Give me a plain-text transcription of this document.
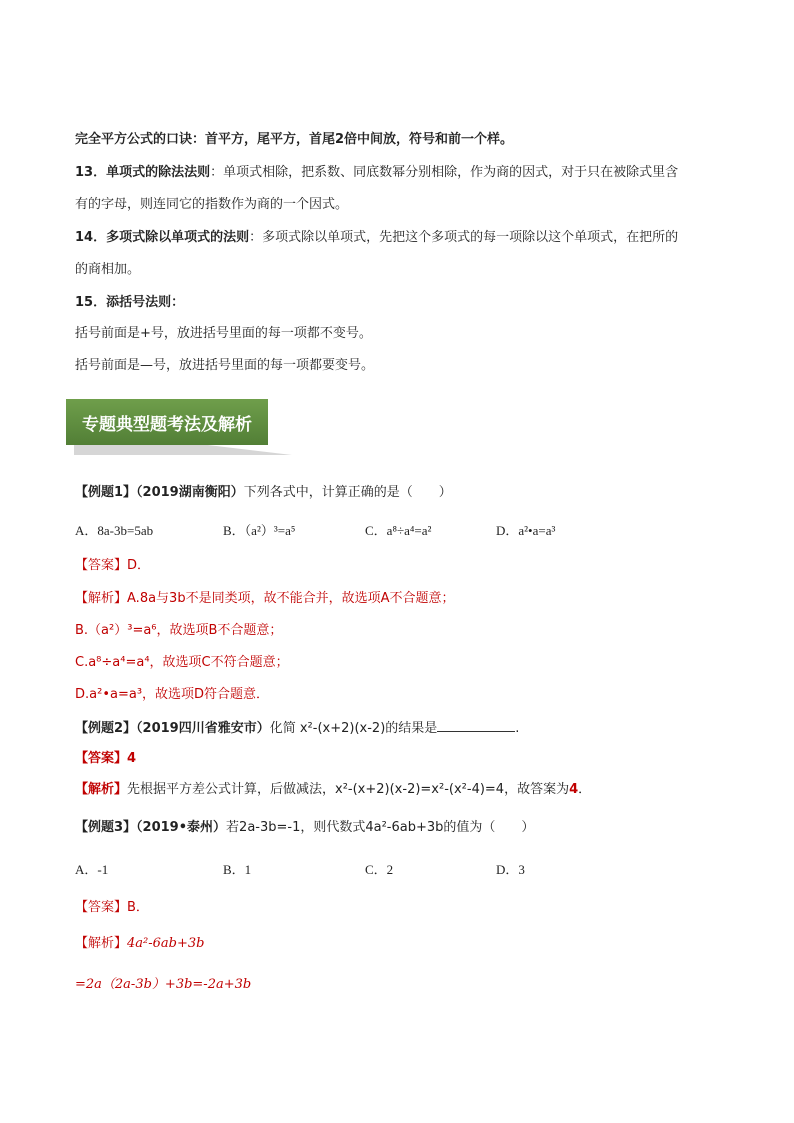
完全平方公式的口诀：首平方，尾平方，首尾2倍中间放，符号和前一个样。
13．单项式的除法法则：单项式相除，把系数、同底数幂分别相除，作为商的因式，对于只在被除式里含
有的字母，则连同它的指数作为商的一个因式。
14．多项式除以单项式的法则：多项式除以单项式，先把这个多项式的每一项除以这个单项式，在把所的
的商相加。
15．添括号法则：
括号前面是+号，放进括号里面的每一项都不变号。
括号前面是—号，放进括号里面的每一项都要变号。
专题典型题考法及解析
【例题1】（2019湖南衡阳）下列各式中，计算正确的是（　　）
A．8a-3b=5ab	B．（a²）³=a⁵	C．a⁸÷a⁴=a²	D．a²•a=a³
【答案】D．
【解析】A.8a与3b不是同类项，故不能合并，故选项A不合题意；
B.（a²）³=a⁶，故选项B不合题意；
C.a⁸÷a⁴=a⁴，故选项C不符合题意；
D.a²•a=a³，故选项D符合题意．
【例题2】（2019四川省雅安市）化简 x²-(x+2)(x-2)的结果是	.
【答案】4
【解析】先根据平方差公式计算，后做减法，x²-(x+2)(x-2)=x²-(x²-4)=4，故答案为4．
【例题3】（2019•泰州）若2a-3b=-1，则代数式4a²-6ab+3b的值为（　　）
A．-1	B．1	C．2	D．3
【答案】B．
【解析】4a²-6ab+3b
=2a（2a-3b）+3b=-2a+3b
